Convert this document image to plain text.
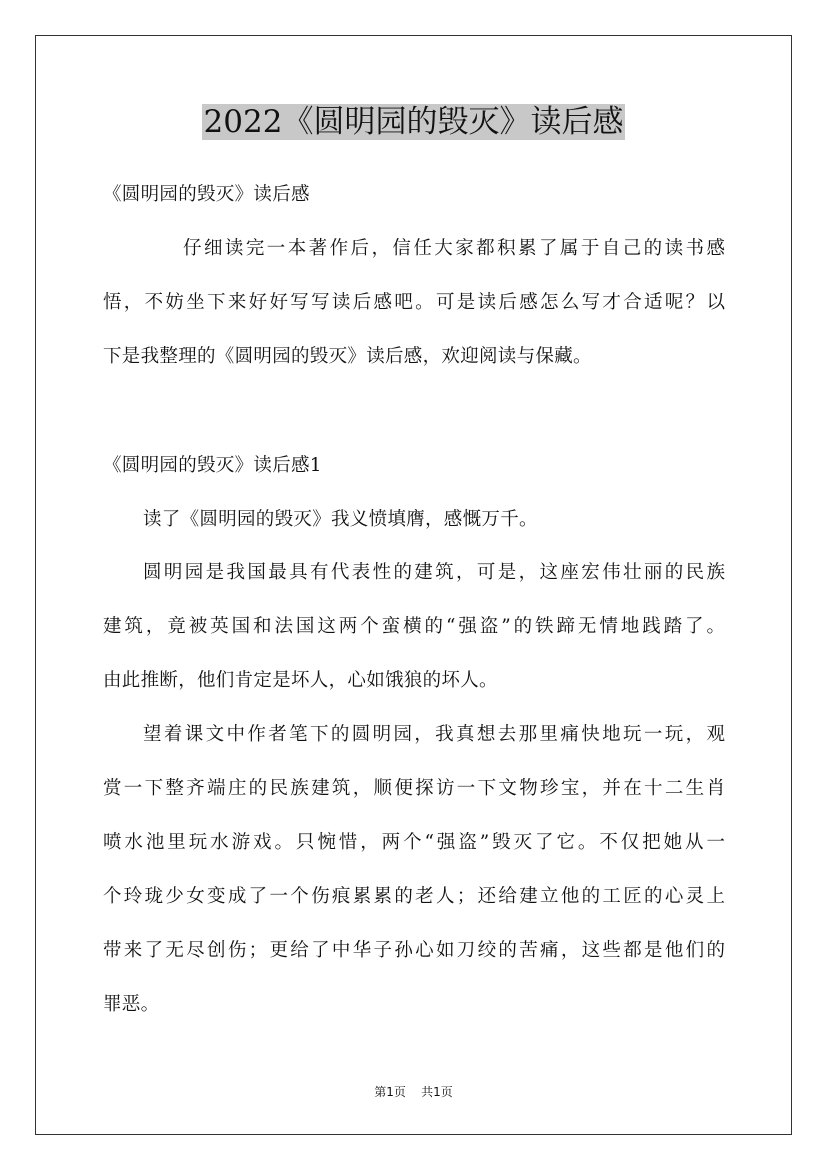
2022《圆明园的毁灭》读后感
《圆明园的毁灭》读后感
仔细读完一本著作后，信任大家都积累了属于自己的读书感
悟，不妨坐下来好好写写读后感吧。可是读后感怎么写才合适呢？以
下是我整理的《圆明园的毁灭》读后感，欢迎阅读与保藏。
《圆明园的毁灭》读后感1
读了《圆明园的毁灭》我义愤填膺，感慨万千。
圆明园是我国最具有代表性的建筑，可是，这座宏伟壮丽的民族
建筑，竟被英国和法国这两个蛮横的“强盗”的铁蹄无情地践踏了。
由此推断，他们肯定是坏人，心如饿狼的坏人。
望着课文中作者笔下的圆明园，我真想去那里痛快地玩一玩，观
赏一下整齐端庄的民族建筑，顺便探访一下文物珍宝，并在十二生肖
喷水池里玩水游戏。只惋惜，两个“强盗”毁灭了它。不仅把她从一
个玲珑少女变成了一个伤痕累累的老人；还给建立他的工匠的心灵上
带来了无尽创伤；更给了中华子孙心如刀绞的苦痛，这些都是他们的
罪恶。
第1页 共1页
